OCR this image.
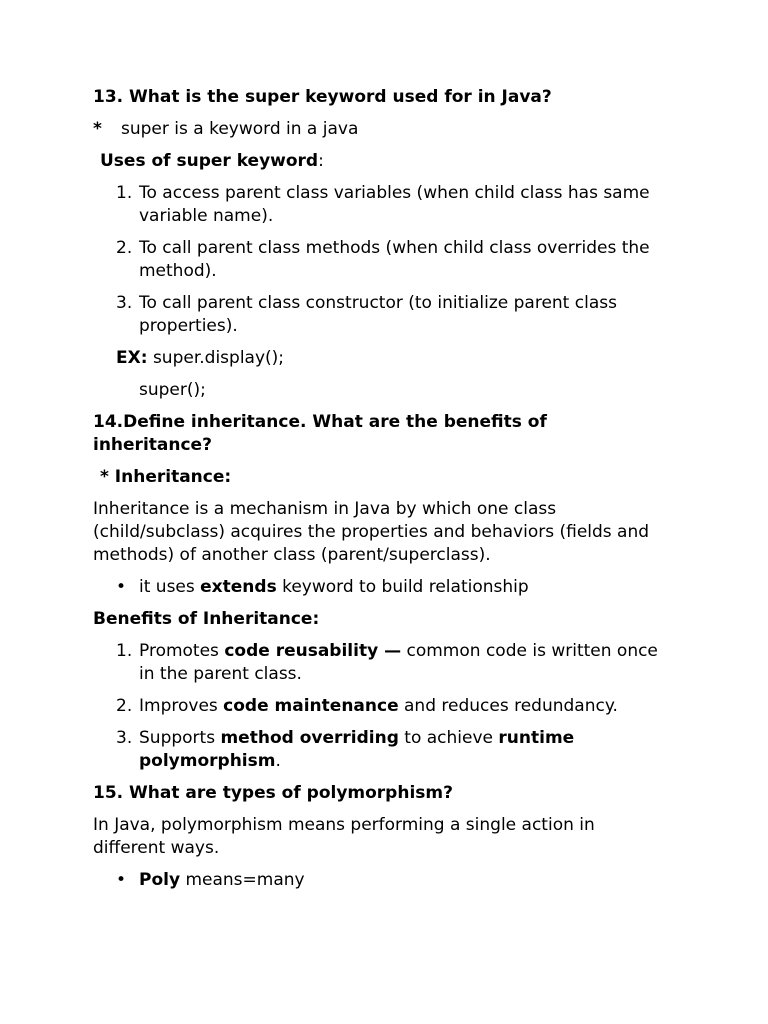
13. What is the super keyword used for in Java?
*	super is a keyword in a java
Uses of super keyword:
1. To access parent class variables (when child class has same variable name).
2. To call parent class methods (when child class overrides the method).
3. To call parent class constructor (to initialize parent class properties).
EX: super.display();
super();
14.Define inheritance. What are the benefits of inheritance?
* Inheritance:
Inheritance is a mechanism in Java by which one class (child/subclass) acquires the properties and behaviors (fields and methods) of another class (parent/superclass).
• it uses extends keyword to build relationship
Benefits of Inheritance:
1. Promotes code reusability — common code is written once in the parent class.
2. Improves code maintenance and reduces redundancy.
3. Supports method overriding to achieve runtime polymorphism.
15. What are types of polymorphism?
In Java, polymorphism means performing a single action in different ways.
• Poly means=many
